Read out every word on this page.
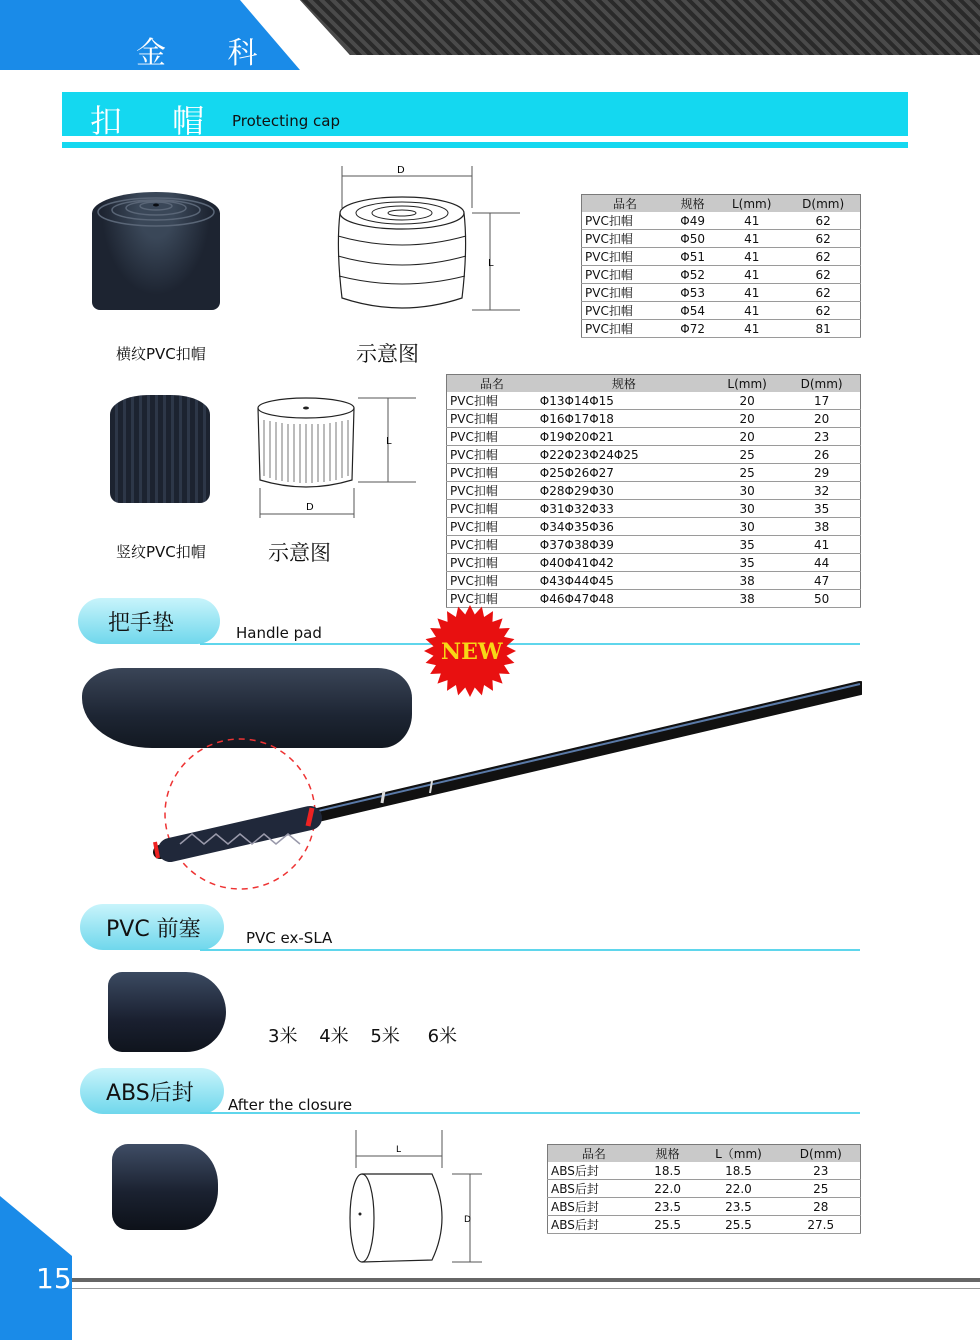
金 科
扣 帽 Protecting cap
横纹PVC扣帽
D
L
示意图
品名	规格	L(mm)	D(mm)
PVC扣帽	Φ49	41	62
PVC扣帽	Φ50	41	62
PVC扣帽	Φ51	41	62
PVC扣帽	Φ52	41	62
PVC扣帽	Φ53	41	62
PVC扣帽	Φ54	41	62
PVC扣帽	Φ72	41	81
竖纹PVC扣帽
L
D
示意图
品名	规格	L(mm)	D(mm)
PVC扣帽	Φ13Φ14Φ15	20	17
PVC扣帽	Φ16Φ17Φ18	20	20
PVC扣帽	Φ19Φ20Φ21	20	23
PVC扣帽	Φ22Φ23Φ24Φ25	25	26
PVC扣帽	Φ25Φ26Φ27	25	29
PVC扣帽	Φ28Φ29Φ30	30	32
PVC扣帽	Φ31Φ32Φ33	30	35
PVC扣帽	Φ34Φ35Φ36	30	38
PVC扣帽	Φ37Φ38Φ39	35	41
PVC扣帽	Φ40Φ41Φ42	35	44
PVC扣帽	Φ43Φ44Φ45	38	47
PVC扣帽	Φ46Φ47Φ48	38	50
把手垫	Handle pad
NEW
PVC 前塞	PVC ex-SLA
3米 4米 5米 6米
ABS后封 After the closure
L
D
品名	规格	L（mm)	D(mm)
ABS后封	18.5	18.5	23
ABS后封	22.0	22.0	25
ABS后封	23.5	23.5	28
ABS后封	25.5	25.5	27.5
15
